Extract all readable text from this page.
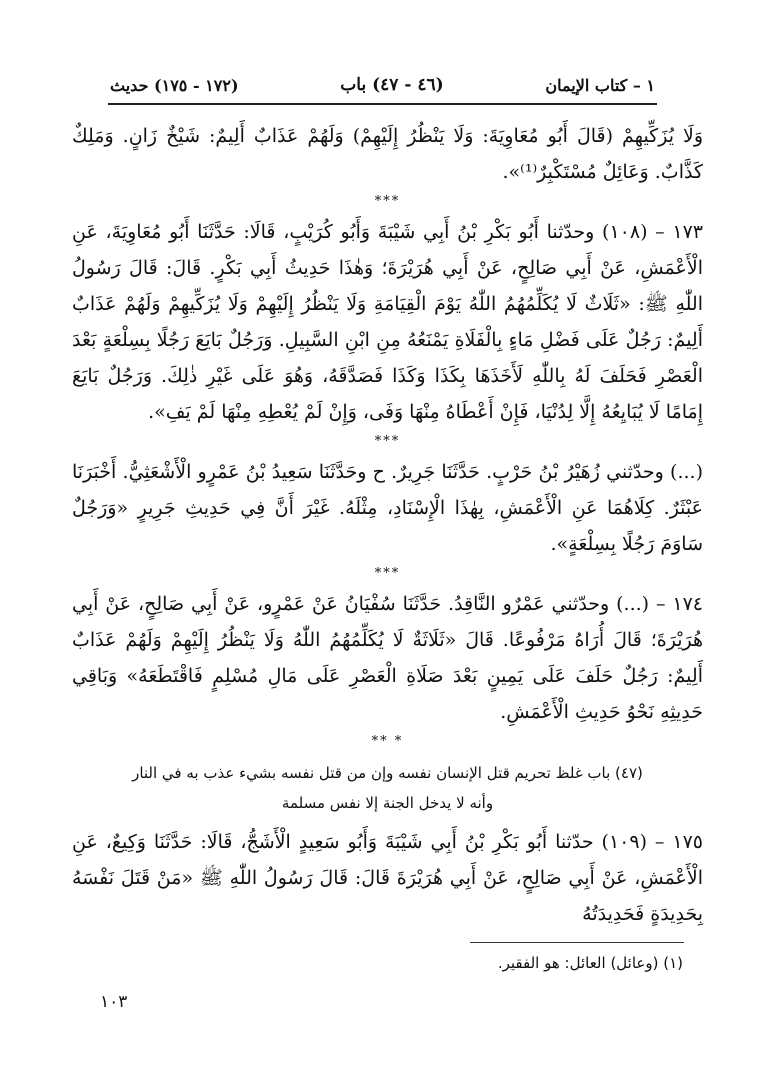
١ – كتاب الإيمان
(٤٦ - ٤٧) باب
(١٧٢ - ١٧٥) حديث

وَلَا يُزَكِّيهِمْ (قَالَ أَبُو مُعَاوِيَةَ: وَلَا يَنْظُرُ إِلَيْهِمْ) وَلَهُمْ عَذَابٌ أَلِيمٌ: شَيْخٌ زَانٍ. وَمَلِكٌ كَذَّابٌ. وَعَائِلٌ مُسْتَكْبِرٌ⁽¹⁾».

***

١٧٣ – (١٠٨) وحدّثنا أَبُو بَكْرِ بْنُ أَبِي شَيْبَةَ وَأَبُو كُرَيْبٍ، قَالَا: حَدَّثَنَا أَبُو مُعَاوِيَةَ، عَنِ الْأَعْمَشِ، عَنْ أَبِي صَالِحٍ، عَنْ أَبِي هُرَيْرَةَ؛ وَهٰذَا حَدِيثُ أَبِي بَكْرٍ. قَالَ: قَالَ رَسُولُ اللّٰهِ ﷺ: «ثَلَاثٌ لَا يُكَلِّمُهُمُ اللّٰهُ يَوْمَ الْقِيَامَةِ وَلَا يَنْظُرُ إِلَيْهِمْ وَلَا يُزَكِّيهِمْ وَلَهُمْ عَذَابٌ أَلِيمٌ: رَجُلٌ عَلَى فَضْلِ مَاءٍ بِالْفَلَاةِ يَمْنَعُهُ مِنِ ابْنِ السَّبِيلِ. وَرَجُلٌ بَايَعَ رَجُلًا بِسِلْعَةٍ بَعْدَ الْعَصْرِ فَحَلَفَ لَهُ بِاللّٰهِ لَأَخَذَهَا بِكَذَا وَكَذَا فَصَدَّقَهُ، وَهُوَ عَلَى غَيْرِ ذٰلِكَ. وَرَجُلٌ بَايَعَ إِمَامًا لَا يُبَايِعُهُ إِلَّا لِدُنْيَا، فَإِنْ أَعْطَاهُ مِنْهَا وَفَى، وَإِنْ لَمْ يُعْطِهِ مِنْهَا لَمْ يَفِ».

***

(...) وحدّثني زُهَيْرُ بْنُ حَرْبٍ. حَدَّثَنَا جَرِيرٌ. ح وحَدَّثَنَا سَعِيدُ بْنُ عَمْرٍو الْأَشْعَثِيُّ. أَخْبَرَنَا عَبْثَرٌ. كِلَاهُمَا عَنِ الْأَعْمَشِ، بِهٰذَا الْإِسْنَادِ، مِثْلَهُ. غَيْرَ أَنَّ فِي حَدِيثِ جَرِيرٍ «وَرَجُلٌ سَاوَمَ رَجُلًا بِسِلْعَةٍ».

***

١٧٤ – (...) وحدّثني عَمْرٌو النَّاقِدُ. حَدَّثَنَا سُفْيَانُ عَنْ عَمْرٍو، عَنْ أَبِي صَالِحٍ، عَنْ أَبِي هُرَيْرَةَ؛ قَالَ أُرَاهُ مَرْفُوعًا. قَالَ «ثَلَاثَةٌ لَا يُكَلِّمُهُمُ اللّٰهُ وَلَا يَنْظُرُ إِلَيْهِمْ وَلَهُمْ عَذَابٌ أَلِيمٌ: رَجُلٌ حَلَفَ عَلَى يَمِينٍ بَعْدَ صَلَاةِ الْعَصْرِ عَلَى مَالِ مُسْلِمٍ فَاقْتَطَعَهُ» وَبَاقِي حَدِيثِهِ نَحْوُ حَدِيثِ الْأَعْمَشِ.

* **
(٤٧) باب غلظ تحريم قتل الإنسان نفسه وإن من قتل نفسه بشيء عذب به في النار
وأنه لا يدخل الجنة إلا نفس مسلمة

١٧٥ – (١٠٩) حدّثنا أَبُو بَكْرِ بْنُ أَبِي شَيْبَةَ وَأَبُو سَعِيدٍ الْأَشَجُّ، قَالَا: حَدَّثَنَا وَكِيعٌ، عَنِ الْأَعْمَشِ، عَنْ أَبِي صَالِحٍ، عَنْ أَبِي هُرَيْرَةَ قَالَ: قَالَ رَسُولُ اللّٰهِ ﷺ «مَنْ قَتَلَ نَفْسَهُ بِحَدِيدَةٍ فَحَدِيدَتُهُ

(١) (وعائل) العائل: هو الفقير.
١٠٣
